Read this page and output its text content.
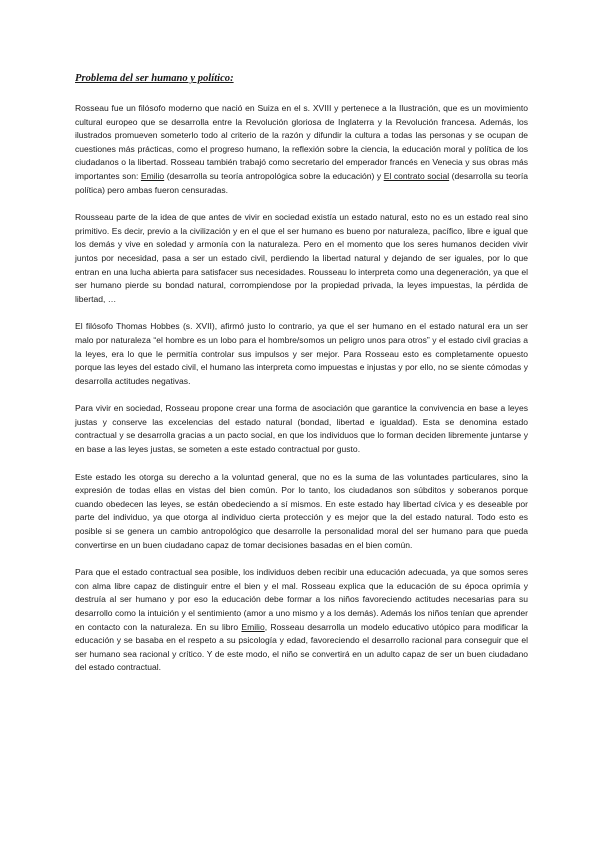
Problema del ser humano y político:

Rosseau fue un filósofo moderno que nació en Suiza en el s. XVIII y pertenece a la Ilustración, que es un movimiento cultural europeo que se desarrolla entre la Revolución gloriosa de Inglaterra y la Revolución francesa. Además, los ilustrados promueven someterlo todo al criterio de la razón y difundir la cultura a todas las personas y se ocupan de cuestiones más prácticas, como el progreso humano, la reflexión sobre la ciencia, la educación moral y política de los ciudadanos o la libertad. Rosseau también trabajó como secretario del emperador francés en Venecia y sus obras más importantes son: Emilio (desarrolla su teoría antropológica sobre la educación) y El contrato social (desarrolla su teoría política) pero ambas fueron censuradas.

Rousseau parte de la idea de que antes de vivir en sociedad existía un estado natural, esto no es un estado real sino primitivo. Es decir, previo a la civilización y en el que el ser humano es bueno por naturaleza, pacífico, libre e igual que los demás y vive en soledad y armonía con la naturaleza. Pero en el momento que los seres humanos deciden vivir juntos por necesidad, pasa a ser un estado civil, perdiendo la libertad natural y dejando de ser iguales, por lo que entran en una lucha abierta para satisfacer sus necesidades. Rousseau lo interpreta como una degeneración, ya que el ser humano pierde su bondad natural, corrompiendose por la propiedad privada, la leyes impuestas, la pérdida de libertad, …

El filósofo Thomas Hobbes (s. XVII), afirmó justo lo contrario, ya que el ser humano en el estado natural era un ser malo por naturaleza “el hombre es un lobo para el hombre/somos un peligro unos para otros” y el estado civil gracias a la leyes, era lo que le permitía controlar sus impulsos y ser mejor. Para Rosseau esto es completamente opuesto porque las leyes del estado civil, el humano las interpreta como impuestas e injustas y por ello, no se siente cómodas y desarrolla actitudes negativas.

Para vivir en sociedad, Rosseau propone crear una forma de asociación que garantice la convivencia en base a leyes justas y conserve las excelencias del estado natural (bondad, libertad e igualdad). Esta se denomina estado contractual y se desarrolla gracias a un pacto social, en que los individuos que lo forman deciden libremente juntarse y en base a las leyes justas, se someten a este estado contractual por gusto.

Este estado les otorga su derecho a la voluntad general, que no es la suma de las voluntades particulares, sino la expresión de todas ellas en vistas del bien común. Por lo tanto, los ciudadanos son súbditos y soberanos porque cuando obedecen las leyes, se están obedeciendo a sí mismos. En este estado hay libertad cívica y es deseable por parte del individuo, ya que otorga al individuo cierta protección y es mejor que la del estado natural. Todo esto es posible si se genera un cambio antropológico que desarrolle la personalidad moral del ser humano para que pueda convertirse en un buen ciudadano capaz de tomar decisiones basadas en el bien común.

Para que el estado contractual sea posible, los individuos deben recibir una educación adecuada, ya que somos seres con alma libre capaz de distinguir entre el bien y el mal. Rosseau explica que la educación de su época oprimía y destruía al ser humano y por eso la educación debe formar a los niños favoreciendo actitudes necesarias para su desarrollo como la intuición y el sentimiento (amor a uno mismo y a los demás). Además los niños tenían que aprender en contacto con la naturaleza. En su libro Emilio, Rosseau desarrolla un modelo educativo utópico para modificar la educación y se basaba en el respeto a su psicología y edad, favoreciendo el desarrollo racional para conseguir que el ser humano sea racional y crítico. Y de este modo, el niño se convertirá en un adulto capaz de ser un buen ciudadano del estado contractual.
